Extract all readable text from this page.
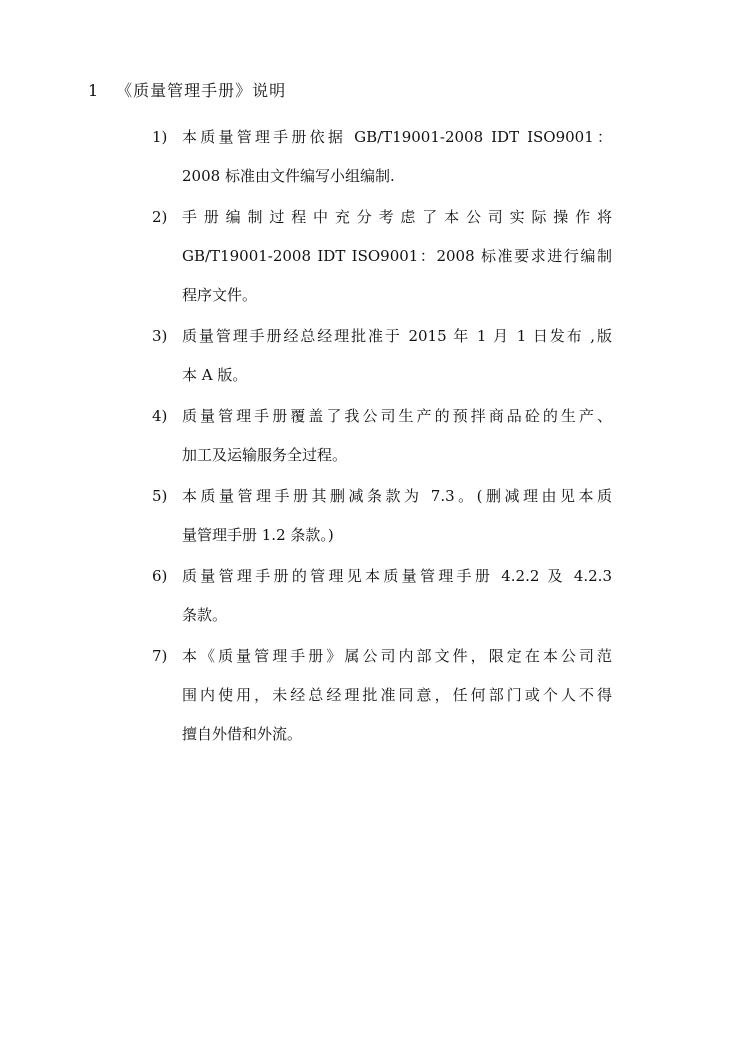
1 《质量管理手册》说明
1) 本质量管理手册依据 GB/T19001-2008 IDT ISO9001：
2008 标准由文件编写小组编制.
2) 手册编制过程中充分考虑了本公司实际操作将
GB/T19001-2008 IDT ISO9001：2008 标准要求进行编制
程序文件。
3) 质量管理手册经总经理批准于 2015 年 1 月 1 日发布 ,版
本 A 版。
4) 质量管理手册覆盖了我公司生产的预拌商品砼的生产、
加工及运输服务全过程。
5) 本质量管理手册其删减条款为 7.3。(删减理由见本质
量管理手册 1.2 条款。)
6) 质量管理手册的管理见本质量管理手册 4.2.2 及 4.2.3
条款。
7) 本《质量管理手册》属公司内部文件，限定在本公司范
围内使用，未经总经理批准同意，任何部门或个人不得
擅自外借和外流。
